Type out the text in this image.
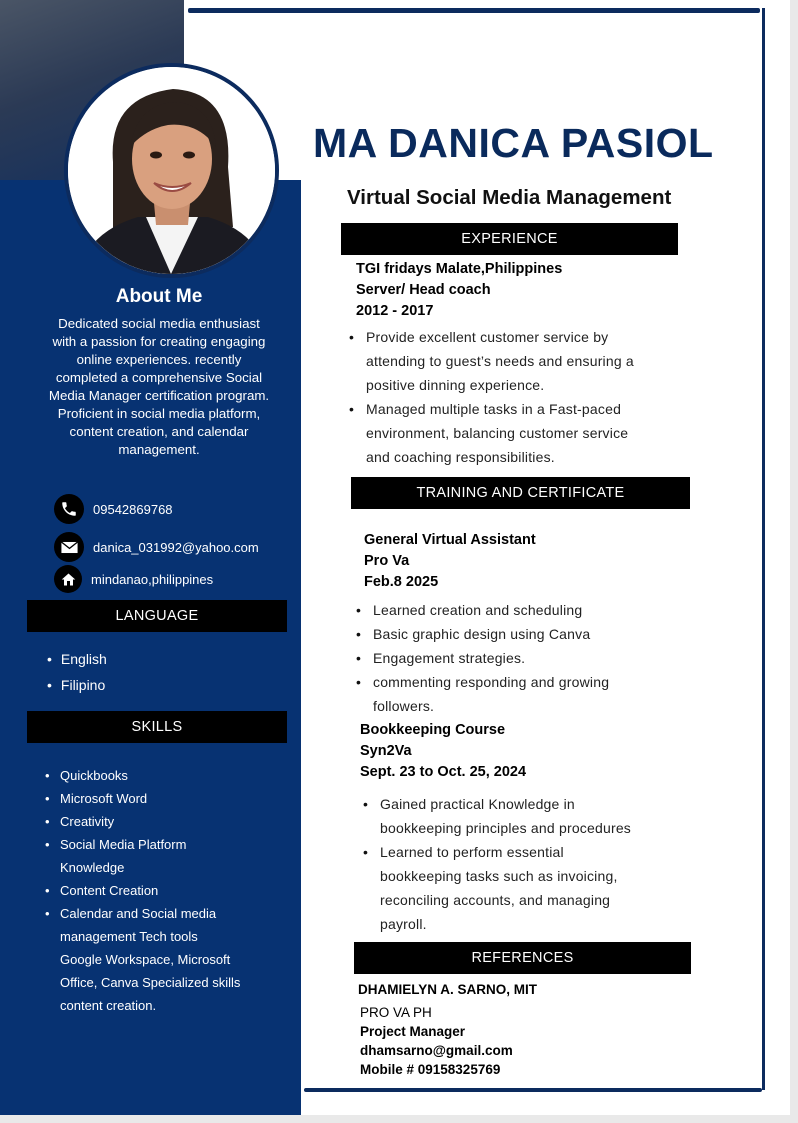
About Me
Dedicated social media enthusiast
with a passion for creating engaging
online experiences. recently
completed a comprehensive Social
Media Manager certification program.
Proficient in social media platform,
content creation, and calendar
management.
09542869768
danica_031992@yahoo.com
mindanao,philippines
LANGUAGE
• English
• Filipino
SKILLS
• Quickbooks
• Microsoft Word
• Creativity
• Social Media Platform
Knowledge
• Content Creation
• Calendar and Social media
management Tech tools
Google Workspace, Microsoft
Office, Canva Specialized skills
content creation.
MA DANICA PASIOL
Virtual Social Media Management
EXPERIENCE
TGI fridays Malate,Philippines
Server/ Head coach
2012 - 2017
• Provide excellent customer service by
attending to guest’s needs and ensuring a
positive dinning experience.
• Managed multiple tasks in a Fast-paced
environment, balancing customer service
and coaching responsibilities.
TRAINING AND CERTIFICATE
General Virtual Assistant
Pro Va
Feb.8 2025
• Learned creation and scheduling
• Basic graphic design using Canva
• Engagement strategies.
• commenting responding and growing
followers.
Bookkeeping Course
Syn2Va
Sept. 23 to Oct. 25, 2024
• Gained practical Knowledge in
bookkeeping principles and procedures
• Learned to perform essential
bookkeeping tasks such as invoicing,
reconciling accounts, and managing
payroll.
REFERENCES
DHAMIELYN A. SARNO, MIT
PRO VA PH
Project Manager
dhamsarno@gmail.com
Mobile # 09158325769
